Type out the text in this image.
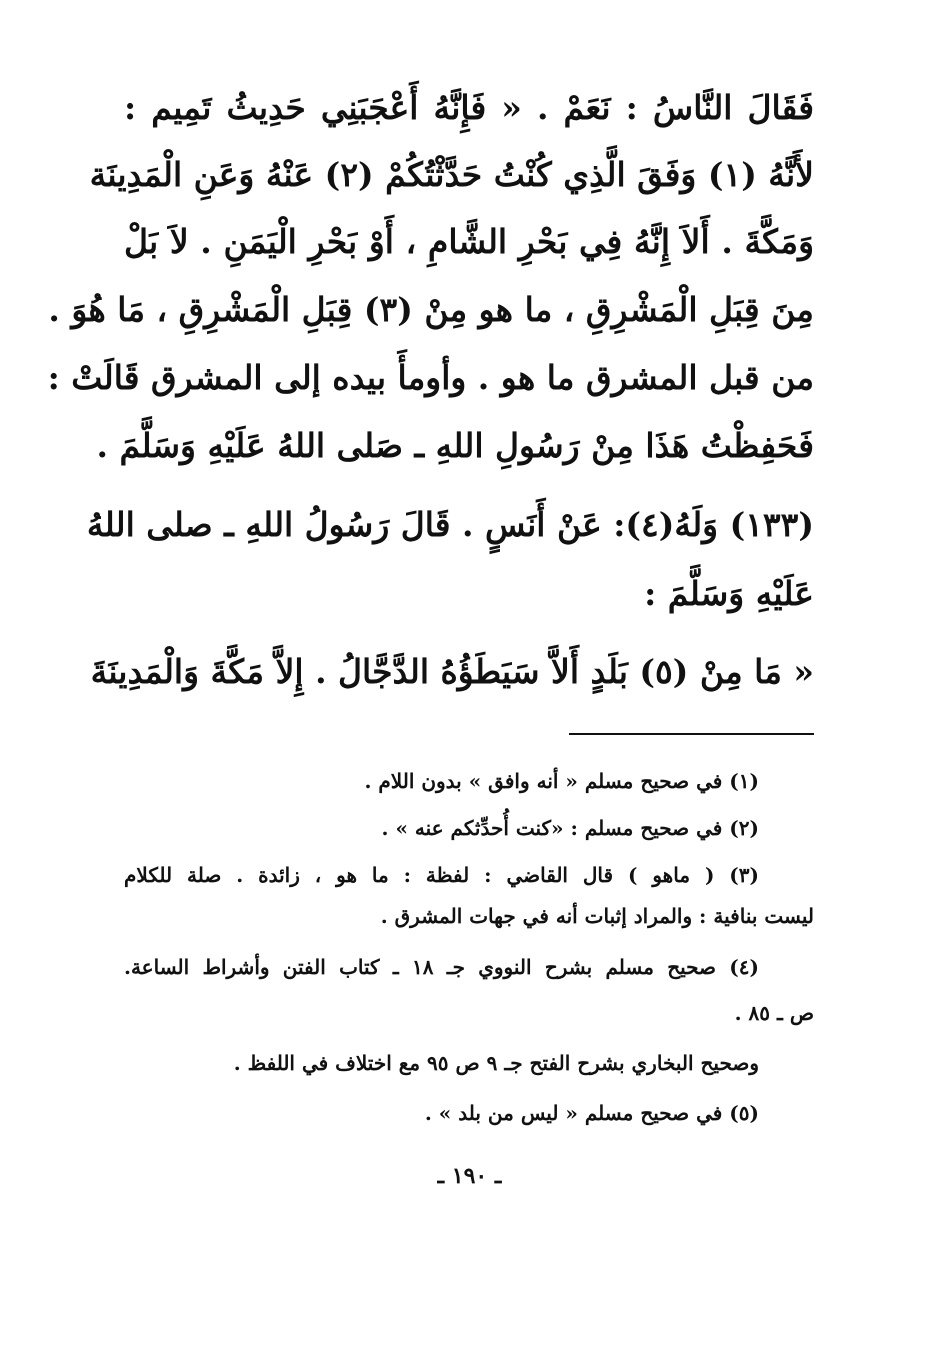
فَقَالَ النَّاسُ : نَعَمْ . « فَإِنَّهُ أَعْجَبَنِي حَدِيثُ تَمِيم :
لأَنَّهُ (١) وَفَقَ الَّذِي كُنْتُ حَدَّثْتُكُمْ (٢) عَنْهُ وَعَنِ الْمَدِينَة
وَمَكَّةَ . أَلاَ إِنَّهُ فِي بَحْرِ الشَّامِ ، أَوْ بَحْرِ الْيَمَنِ . لاَ بَلْ
مِنَ قِبَلِ الْمَشْرِقِ ، ما هو مِنْ (٣) قِبَلِ الْمَشْرِقِ ، مَا هُوَ .
من قبل المشرق ما هو . وأومأَ بيده إلى المشرق قَالَتْ :
فَحَفِظْتُ هَذَا مِنْ رَسُولِ اللهِ ـ صَلى اللهُ عَلَيْهِ وَسَلَّمَ .
(١٣٣) وَلَهُ(٤): عَنْ أَنَسٍ . قَالَ رَسُولُ اللهِ ـ صلى اللهُ
عَلَيْهِ وَسَلَّمَ :
« مَا مِنْ (٥) بَلَدٍ أَلاَّ سَيَطَؤُهُ الدَّجَّالُ . إِلاَّ مَكَّةَ وَالْمَدِينَةَ
(١) في صحيح مسلم « أنه وافق » بدون اللام .
(٢) في صحيح مسلم : «كنت أُحدِّثكم عنه » .
(٣) ( ماهو ) قال القاضي : لفظة : ما هو ، زائدة . صلة للكلام
ليست بنافية : والمراد إثبات أنه في جهات المشرق .
(٤) صحيح مسلم بشرح النووي جـ ١٨ ـ كتاب الفتن وأشراط الساعة.
ص ـ ٨٥ .
وصحيح البخاري بشرح الفتح جـ ٩ ص ٩٥ مع اختلاف في اللفظ .
(٥) في صحيح مسلم « ليس من بلد » .
ـ ١٩٠ ـ
